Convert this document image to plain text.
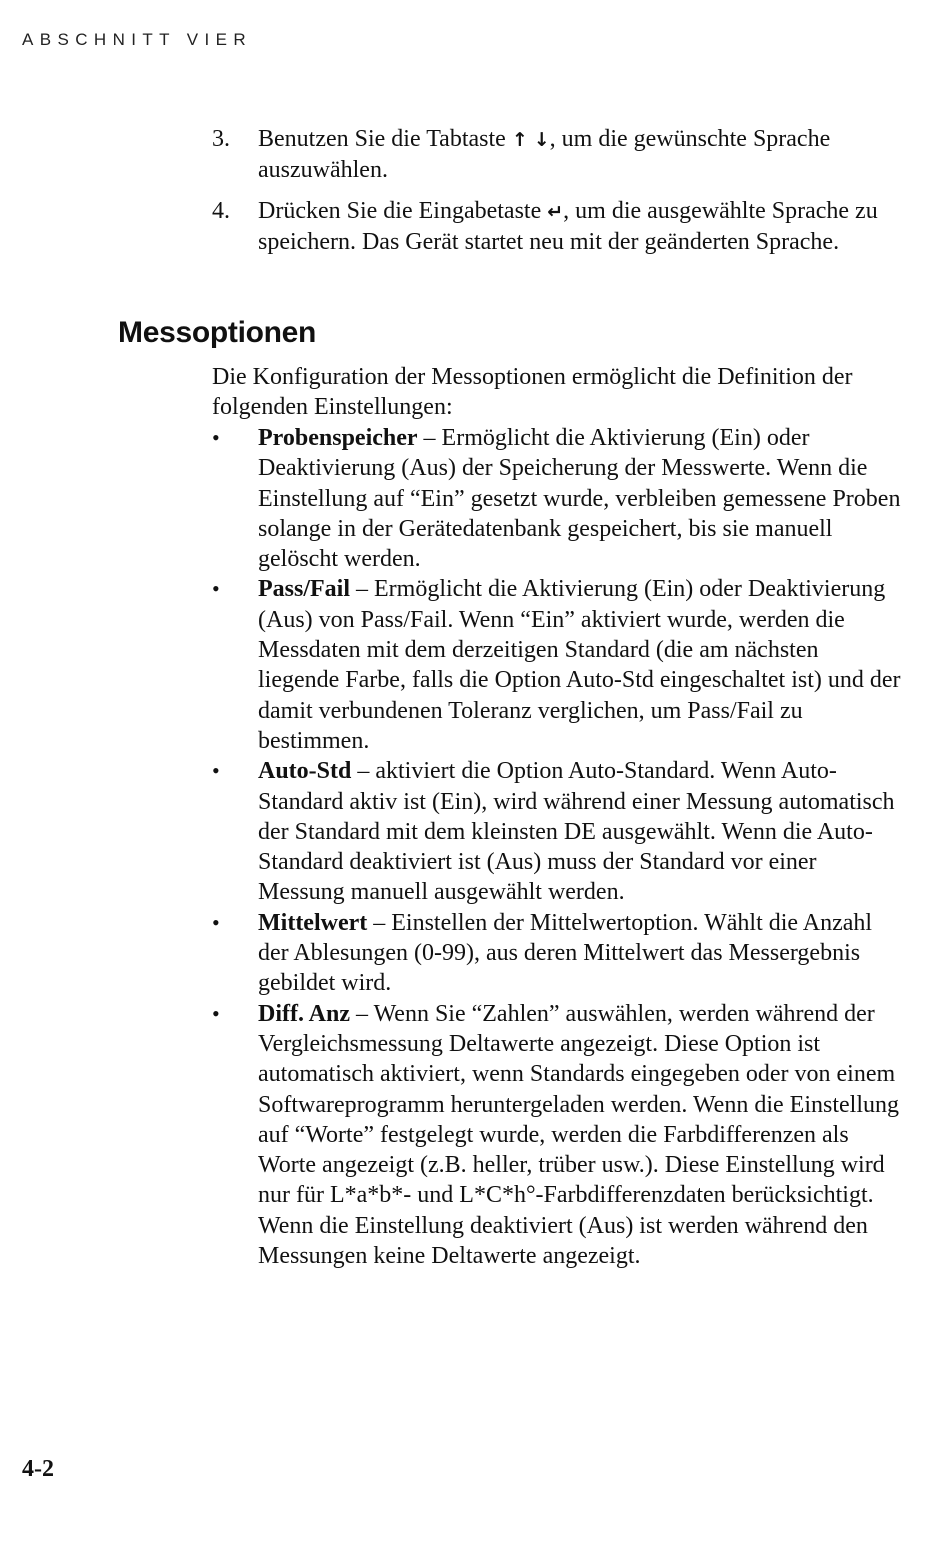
ABSCHNITT VIER
3. Benutzen Sie die Tabtaste ↑ ↓, um die gewünschte Sprache auszuwählen.
4. Drücken Sie die Eingabetaste ↵, um die ausgewählte Sprache zu speichern. Das Gerät startet neu mit der geänderten Sprache.
Messoptionen

Die Konfiguration der Messoptionen ermöglicht die Definition der folgenden Einstellungen:

• Probenspeicher – Ermöglicht die Aktivierung (Ein) oder Deaktivierung (Aus) der Speicherung der Messwerte. Wenn die Einstellung auf “Ein” gesetzt wurde, verbleiben gemessene Proben solange in der Gerätedatenbank gespeichert, bis sie manuell gelöscht werden.
• Pass/Fail – Ermöglicht die Aktivierung (Ein) oder Deaktivierung (Aus) von Pass/Fail. Wenn “Ein” aktiviert wurde, werden die Messdaten mit dem derzeitigen Standard (die am nächsten liegende Farbe, falls die Option Auto-Std eingeschaltet ist) und der damit verbundenen Toleranz verglichen, um Pass/Fail zu bestimmen.
• Auto-Std – aktiviert die Option Auto-Standard. Wenn Auto-Standard aktiv ist (Ein), wird während einer Messung automatisch der Standard mit dem kleinsten DE ausgewählt. Wenn die Auto-Standard deaktiviert ist (Aus) muss der Standard vor einer Messung manuell ausgewählt werden.
• Mittelwert – Einstellen der Mittelwertoption. Wählt die Anzahl der Ablesungen (0-99), aus deren Mittelwert das Messergebnis gebildet wird.
• Diff. Anz – Wenn Sie “Zahlen” auswählen, werden während der Vergleichsmessung Deltawerte angezeigt. Diese Option ist automatisch aktiviert, wenn Standards eingegeben oder von einem Softwareprogramm heruntergeladen werden. Wenn die Einstellung auf “Worte” festgelegt wurde, werden die Farbdifferenzen als Worte angezeigt (z.B. heller, trüber usw.). Diese Einstellung wird nur für L*a*b*- und L*C*h°-Farbdifferenzdaten berücksichtigt. Wenn die Einstellung deaktiviert (Aus) ist werden während den Messungen keine Deltawerte angezeigt.
4-2
